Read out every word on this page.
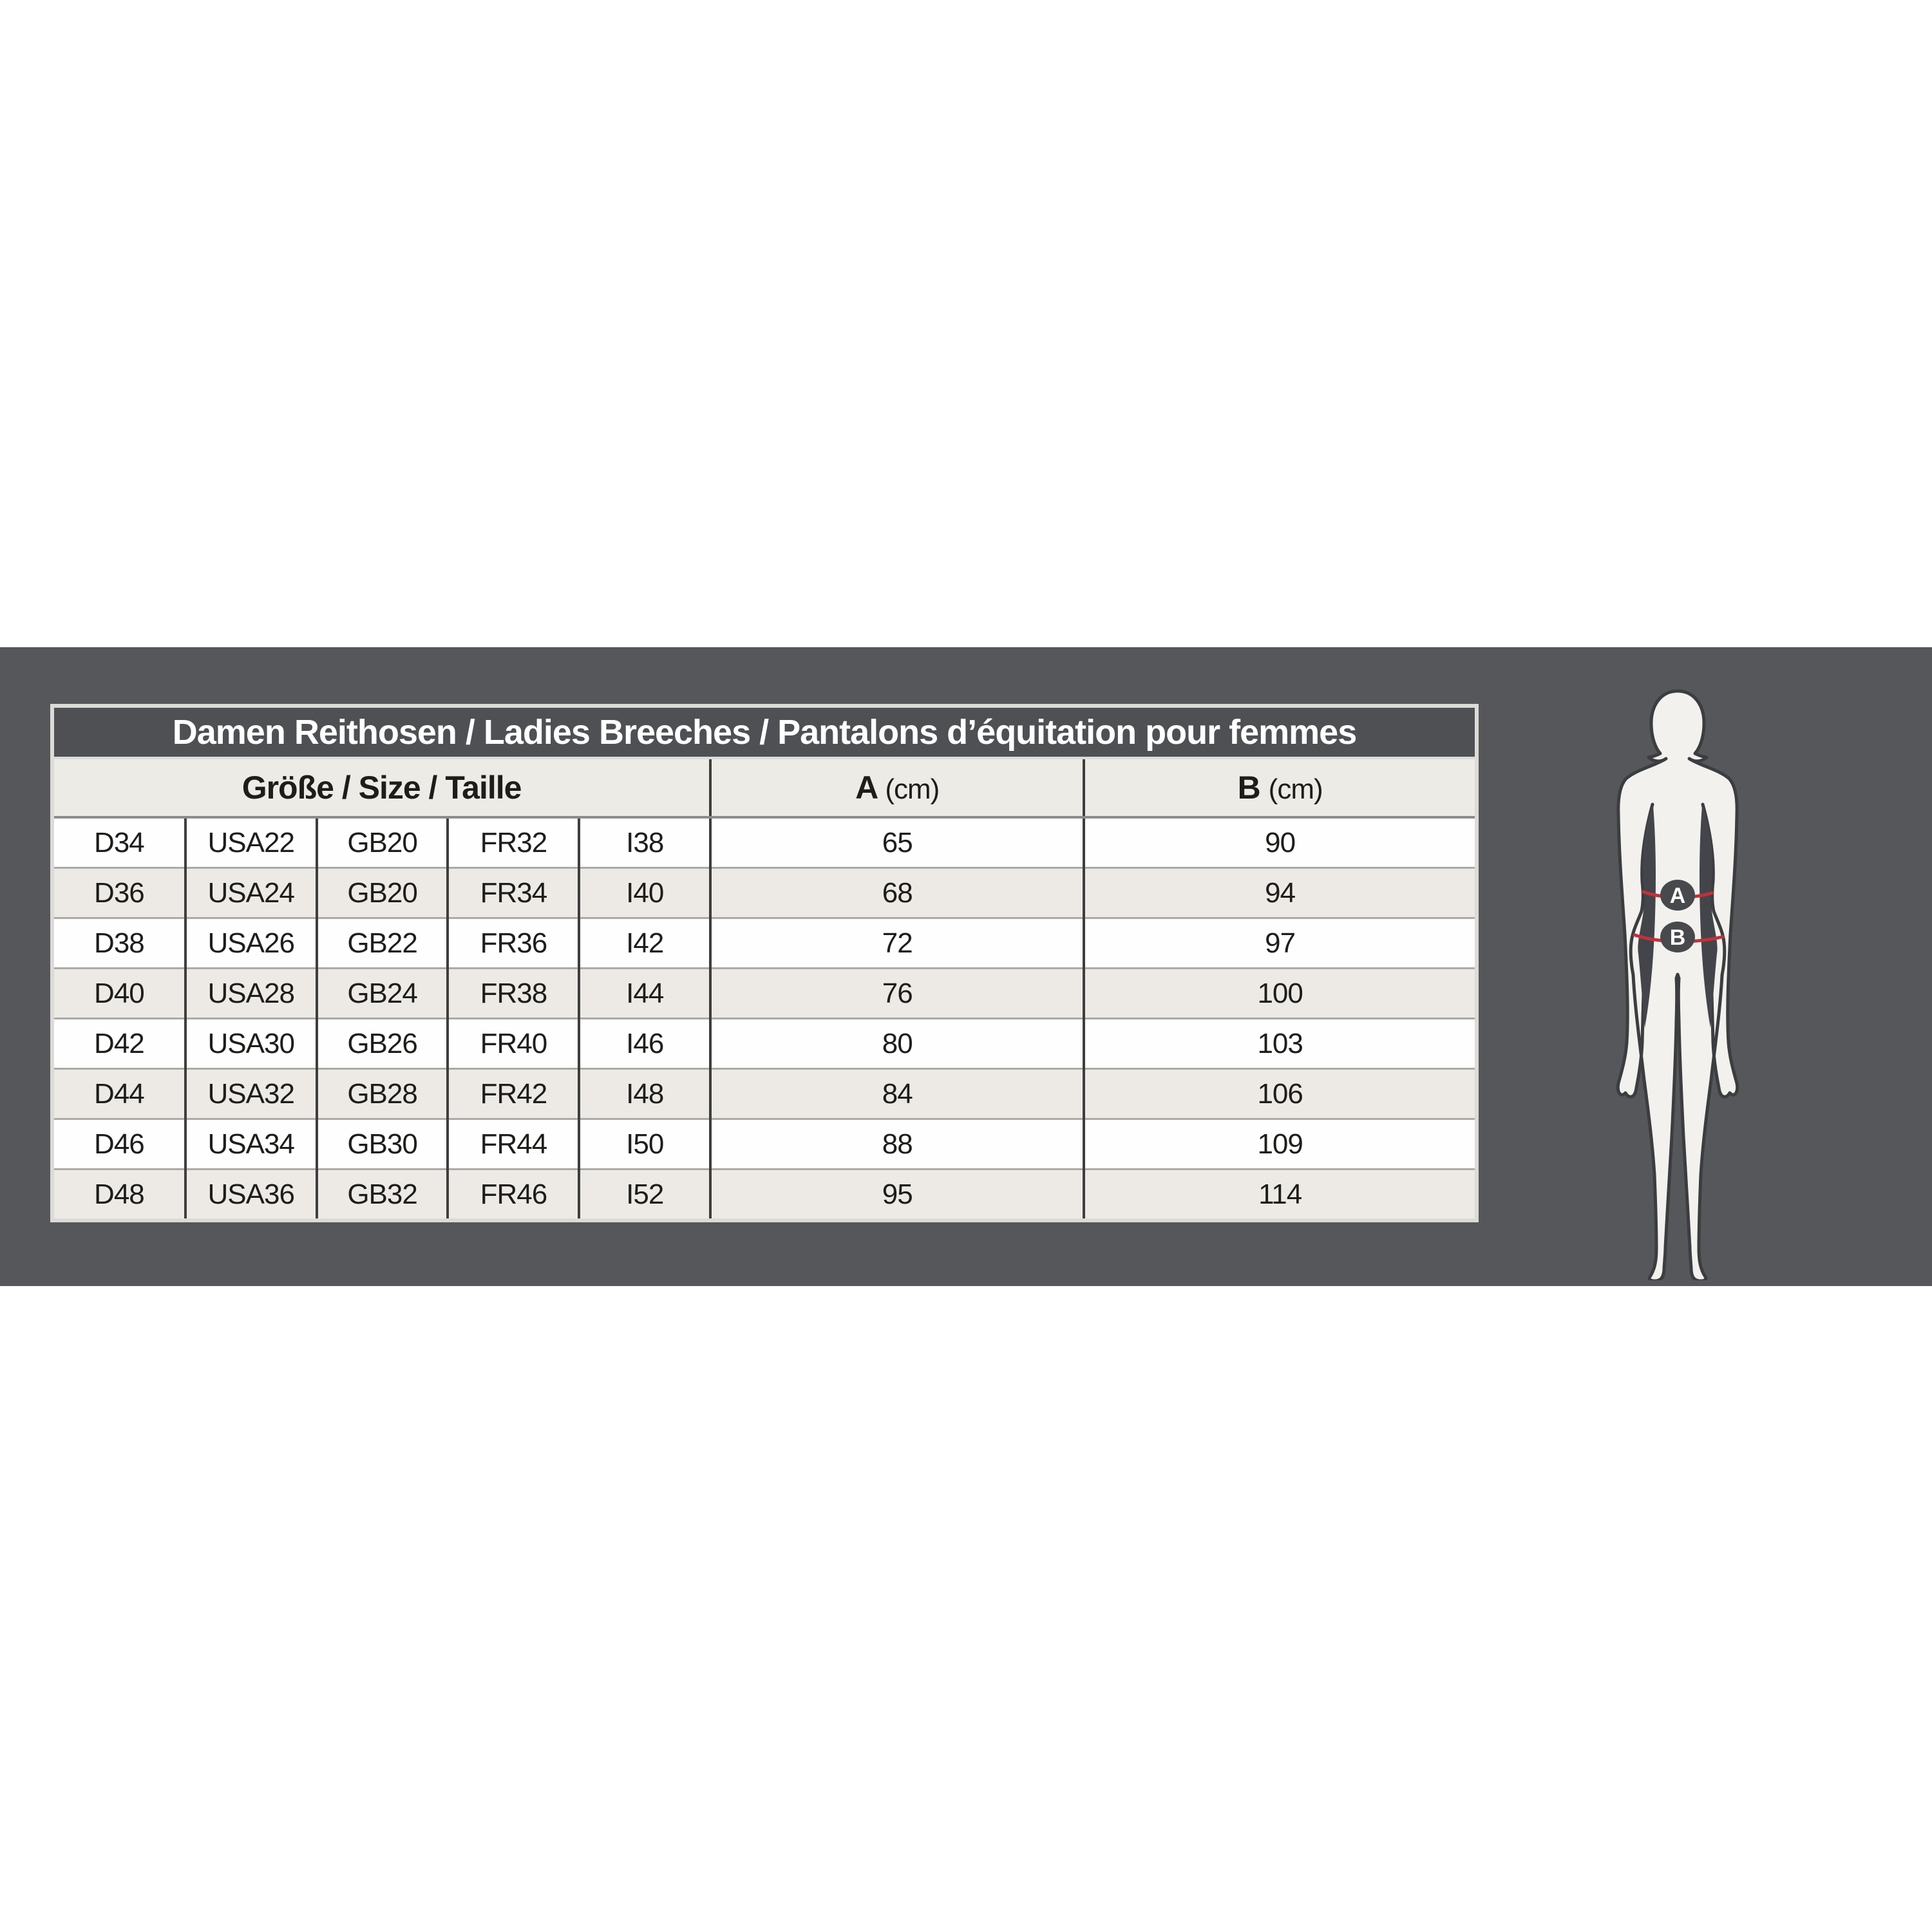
Damen Reithosen / Ladies Breeches / Pantalons d’équitation pour femmes						
Größe / Size / Taille					A (cm)	B (cm)
D34	USA22	GB20	FR32	I38	65	90
D36	USA24	GB20	FR34	I40	68	94
D38	USA26	GB22	FR36	I42	72	97
D40	USA28	GB24	FR38	I44	76	100
D42	USA30	GB26	FR40	I46	80	103
D44	USA32	GB28	FR42	I48	84	106
D46	USA34	GB30	FR44	I50	88	109
D48	USA36	GB32	FR46	I52	95	114
A
B
